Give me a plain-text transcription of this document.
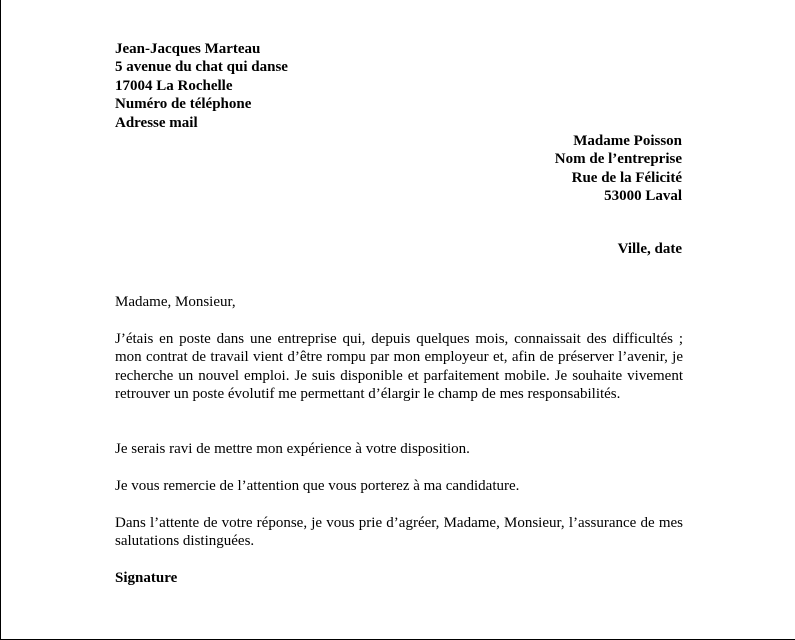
Jean-Jacques Marteau
5 avenue du chat qui danse
17004 La Rochelle
Numéro de téléphone
Adresse mail
Madame Poisson
Nom de l’entreprise
Rue de la Félicité
53000 Laval
Ville, date
Madame, Monsieur,
J’étais en poste dans une entreprise qui, depuis quelques mois, connaissait des difficultés ; mon contrat de travail vient d’être rompu par mon employeur et, afin de préserver l’avenir, je recherche un nouvel emploi. Je suis disponible et parfaitement mobile. Je souhaite vivement retrouver un poste évolutif me permettant d’élargir le champ de mes responsabilités.
Je serais ravi de mettre mon expérience à votre disposition.
Je vous remercie de l’attention que vous porterez à ma candidature.
Dans l’attente de votre réponse, je vous prie d’agréer, Madame, Monsieur, l’assurance de mes salutations distinguées.
Signature
